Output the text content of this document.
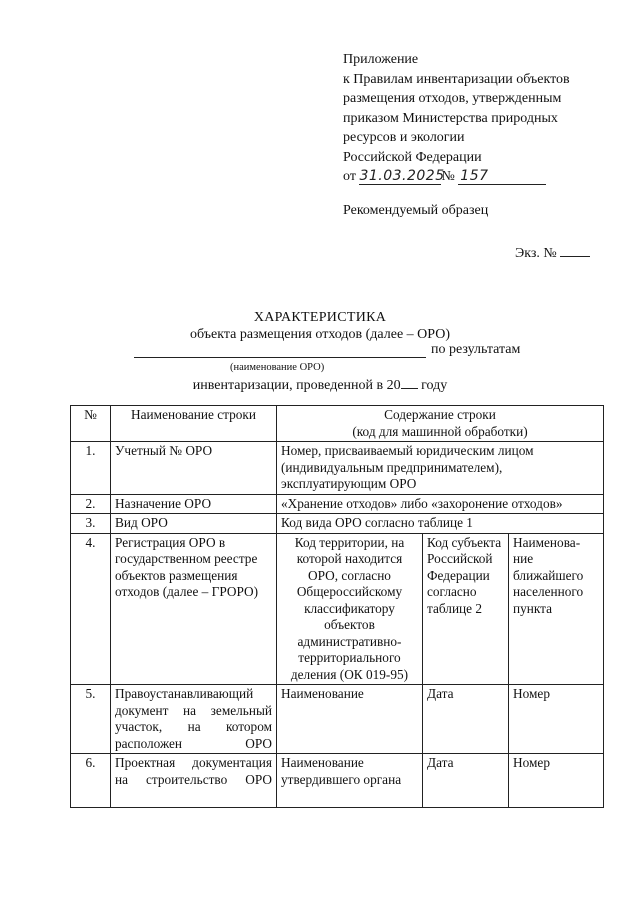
Приложение
к Правилам инвентаризации объектов
размещения отходов, утвержденным
приказом Министерства природных
ресурсов и экологии
Российской Федерации
от 31.03.2025№ 157
Рекомендуемый образец
Экз. №
ХАРАКТЕРИСТИКА
объекта размещения отходов (далее – ОРО)
по результатам
(наименование ОРО)
инвентаризации, проведенной в 20 году
№	Наименование строки	Содержание строки
(код для машинной обработки)		

1.	Учетный № ОРО	Номер, присваиваемый юридическим лицом (индивидуальным предпринимателем), эксплуатирующим ОРО		
2.	Назначение ОРО	«Хранение отходов» либо «захоронение отходов»		
3.	Вид ОРО	Код вида ОРО согласно таблице 1		
4.	Регистрация ОРО в государственном реестре объектов размещения отходов (далее – ГРОРО)	Код территории, на которой находится ОРО, согласно Общероссийскому классификатору объектов административно-территориального деления (ОК 019-95)	Код субъекта Российской Федерации согласно таблице 2	Наименова-ние ближайшего населенного пункта
5.	Правоустанавливающий документ на земельный участок, на котором расположен ОРО	Наименование	Дата	Номер
6.	Проектная документация на строительство ОРО	Наименование утвердившего органа	Дата	Номер
